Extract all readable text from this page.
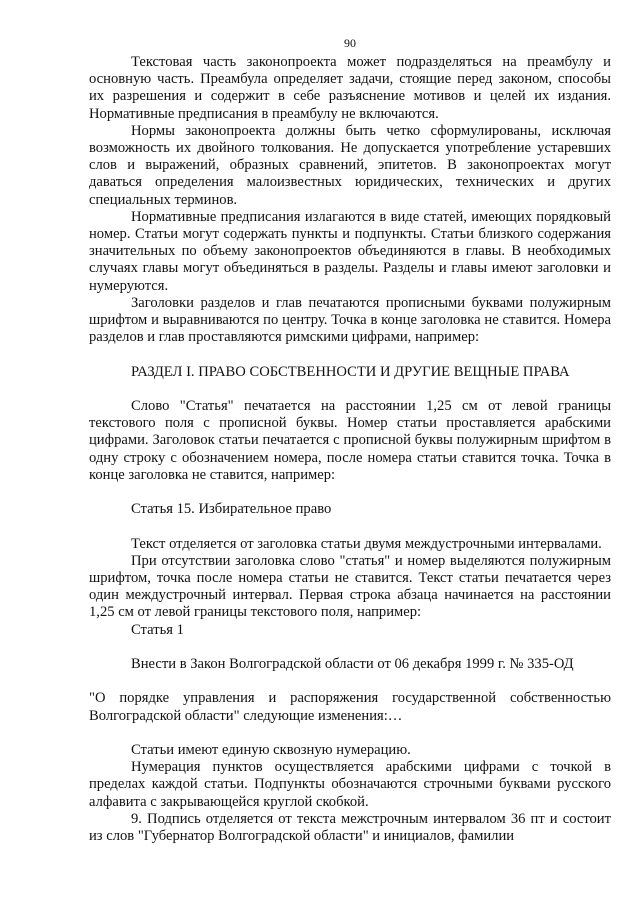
90

Текстовая часть законопроекта может подразделяться на преамбулу и основную часть. Преамбула определяет задачи, стоящие перед законом, способы их разрешения и содержит в себе разъяснение мотивов и целей их издания. Нормативные предписания в преамбулу не включаются.

Нормы законопроекта должны быть четко сформулированы, исключая возможность их двойного толкования. Не допускается употребление устаревших слов и выражений, образных сравнений, эпитетов. В законопроектах могут даваться определения малоизвестных юридических, технических и других специальных терминов.

Нормативные предписания излагаются в виде статей, имеющих порядковый номер. Статьи могут содержать пункты и подпункты. Статьи близкого содержания значительных по объему законопроектов объединяются в главы. В необходимых случаях главы могут объединяться в разделы. Разделы и главы имеют заголовки и нумеруются.

Заголовки разделов и глав печатаются прописными буквами полужирным шрифтом и выравниваются по центру. Точка в конце заголовка не ставится. Номера разделов и глав проставляются римскими цифрами, например:

РАЗДЕЛ I. ПРАВО СОБСТВЕННОСТИ И ДРУГИЕ ВЕЩНЫЕ ПРАВА

Слово "Статья" печатается на расстоянии 1,25 см от левой границы текстового поля с прописной буквы. Номер статьи проставляется арабскими цифрами. Заголовок статьи печатается с прописной буквы полужирным шрифтом в одну строку с обозначением номера, после номера статьи ставится точка. Точка в конце заголовка не ставится, например:

Статья 15. Избирательное право

Текст отделяется от заголовка статьи двумя междустрочными интервалами.

При отсутствии заголовка слово "статья" и номер выделяются полужирным шрифтом, точка после номера статьи не ставится. Текст статьи печатается через один междустрочный интервал. Первая строка абзаца начинается на расстоянии 1,25 см от левой границы текстового поля, например:

Статья 1

Внести в Закон Волгоградской области от 06 декабря 1999 г. № 335-ОД

"О порядке управления и распоряжения государственной собственностью Волгоградской области" следующие изменения:…

Статьи имеют единую сквозную нумерацию.

Нумерация пунктов осуществляется арабскими цифрами с точкой в пределах каждой статьи. Подпункты обозначаются строчными буквами русского алфавита с закрывающейся круглой скобкой.

9. Подпись отделяется от текста межстрочным интервалом 36 пт и состоит из слов "Губернатор Волгоградской области" и инициалов, фамилии
